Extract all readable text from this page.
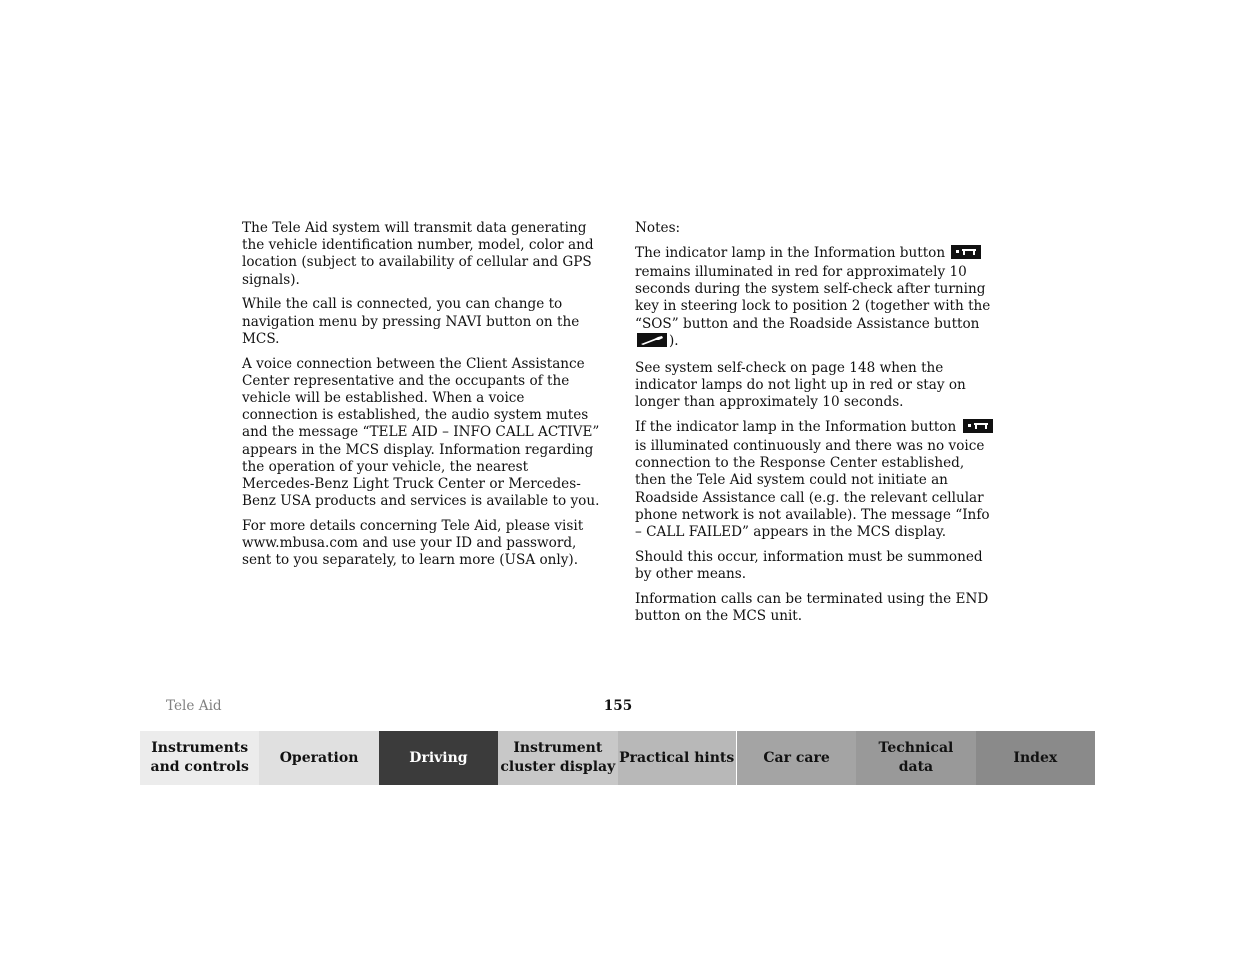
The Tele Aid system will transmit data generating the vehicle identification number, model, color and location (subject to availability of cellular and GPS signals).

While the call is connected, you can change to navigation menu by pressing NAVI button on the MCS.

A voice connection between the Client Assistance Center representative and the occupants of the vehicle will be established. When a voice connection is established, the audio system mutes and the message “TELE AID – INFO CALL ACTIVE” appears in the MCS display. Information regarding the operation of your vehicle, the nearest Mercedes-Benz Light Truck Center or Mercedes-Benz USA products and services is available to you.

For more details concerning Tele Aid, please visit www.mbusa.com and use your ID and password, sent to you separately, to learn more (USA only).

Notes:

The indicator lamp in the Information button  remains illuminated in red for approximately 10 seconds during the system self-check after turning key in steering lock to position 2 (together with the “SOS” button and the Roadside Assistance button ).

See system self-check on page 148 when the indicator lamps do not light up in red or stay on longer than approximately 10 seconds.

If the indicator lamp in the Information button  is illuminated continuously and there was no voice connection to the Response Center established, then the Tele Aid system could not initiate an Roadside Assistance call (e.g. the relevant cellular phone network is not available). The message “Info – CALL FAILED” appears in the MCS display.

Should this occur, information must be summoned by other means.

Information calls can be terminated using the END button on the MCS unit.

Tele Aid	155
Instruments
and controls
Operation	Driving
Instrument
cluster display
Practical hints	Car care
Technical
data
Index
